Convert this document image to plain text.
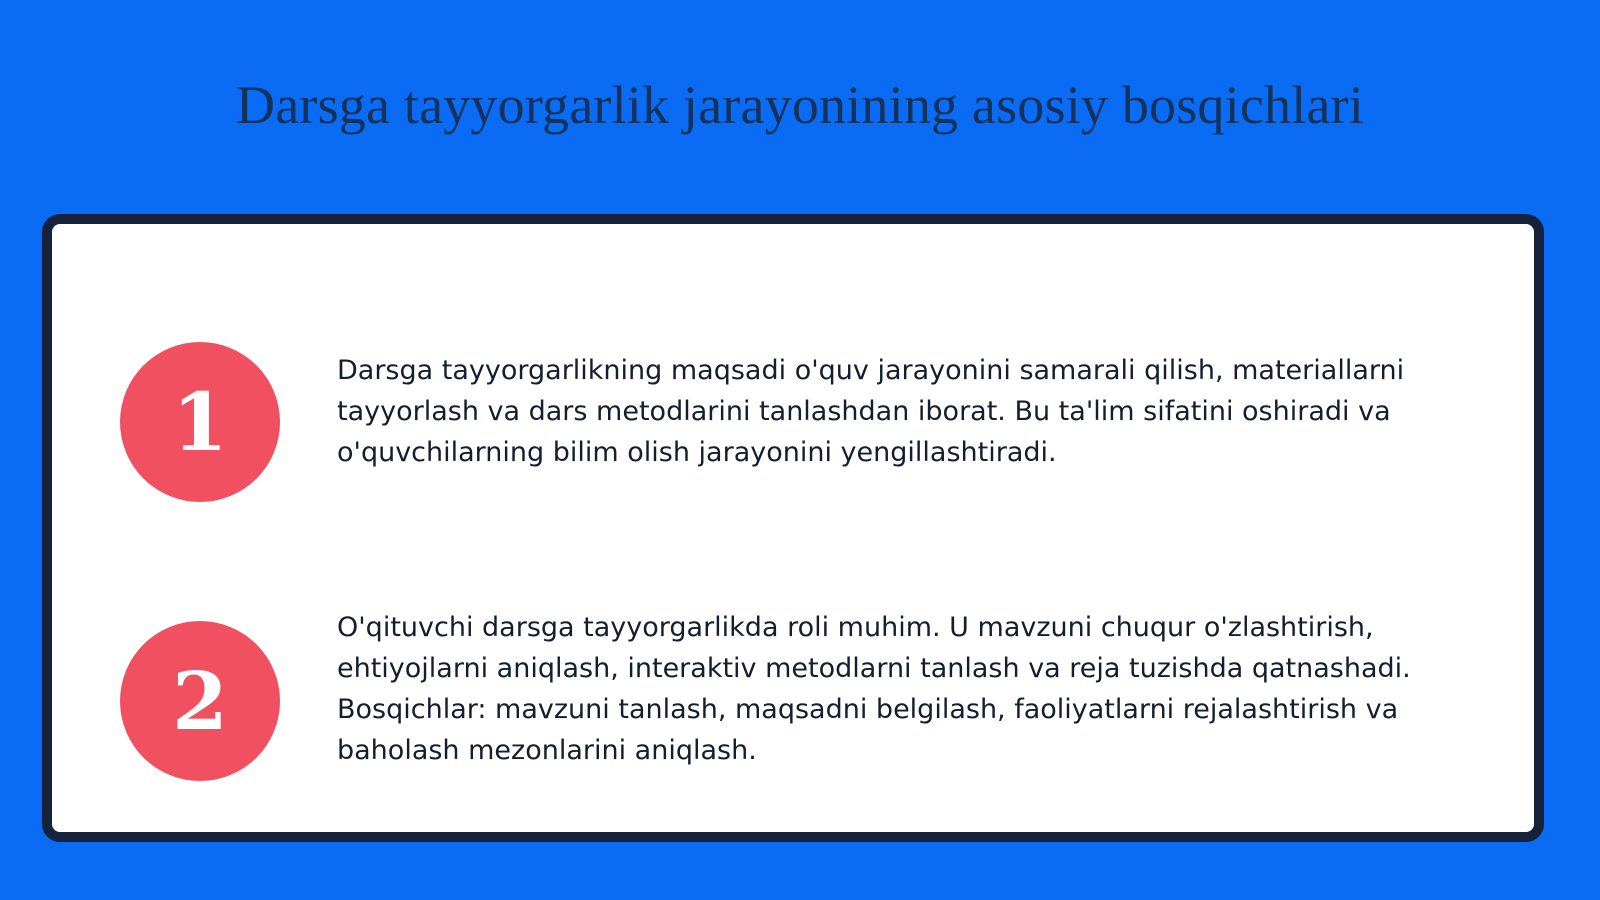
Darsga tayyorgarlik jarayonining asosiy bosqichlari
1

Darsga tayyorgarlikning maqsadi o'quv jarayonini samarali qilish, materiallarni tayyorlash va dars metodlarini tanlashdan iborat. Bu ta'lim sifatini oshiradi va o'quvchilarning bilim olish jarayonini yengillashtiradi.

2

O'qituvchi darsga tayyorgarlikda roli muhim. U mavzuni chuqur o'zlashtirish, ehtiyojlarni aniqlash, interaktiv metodlarni tanlash va reja tuzishda qatnashadi. Bosqichlar: mavzuni tanlash, maqsadni belgilash, faoliyatlarni rejalashtirish va baholash mezonlarini aniqlash.
